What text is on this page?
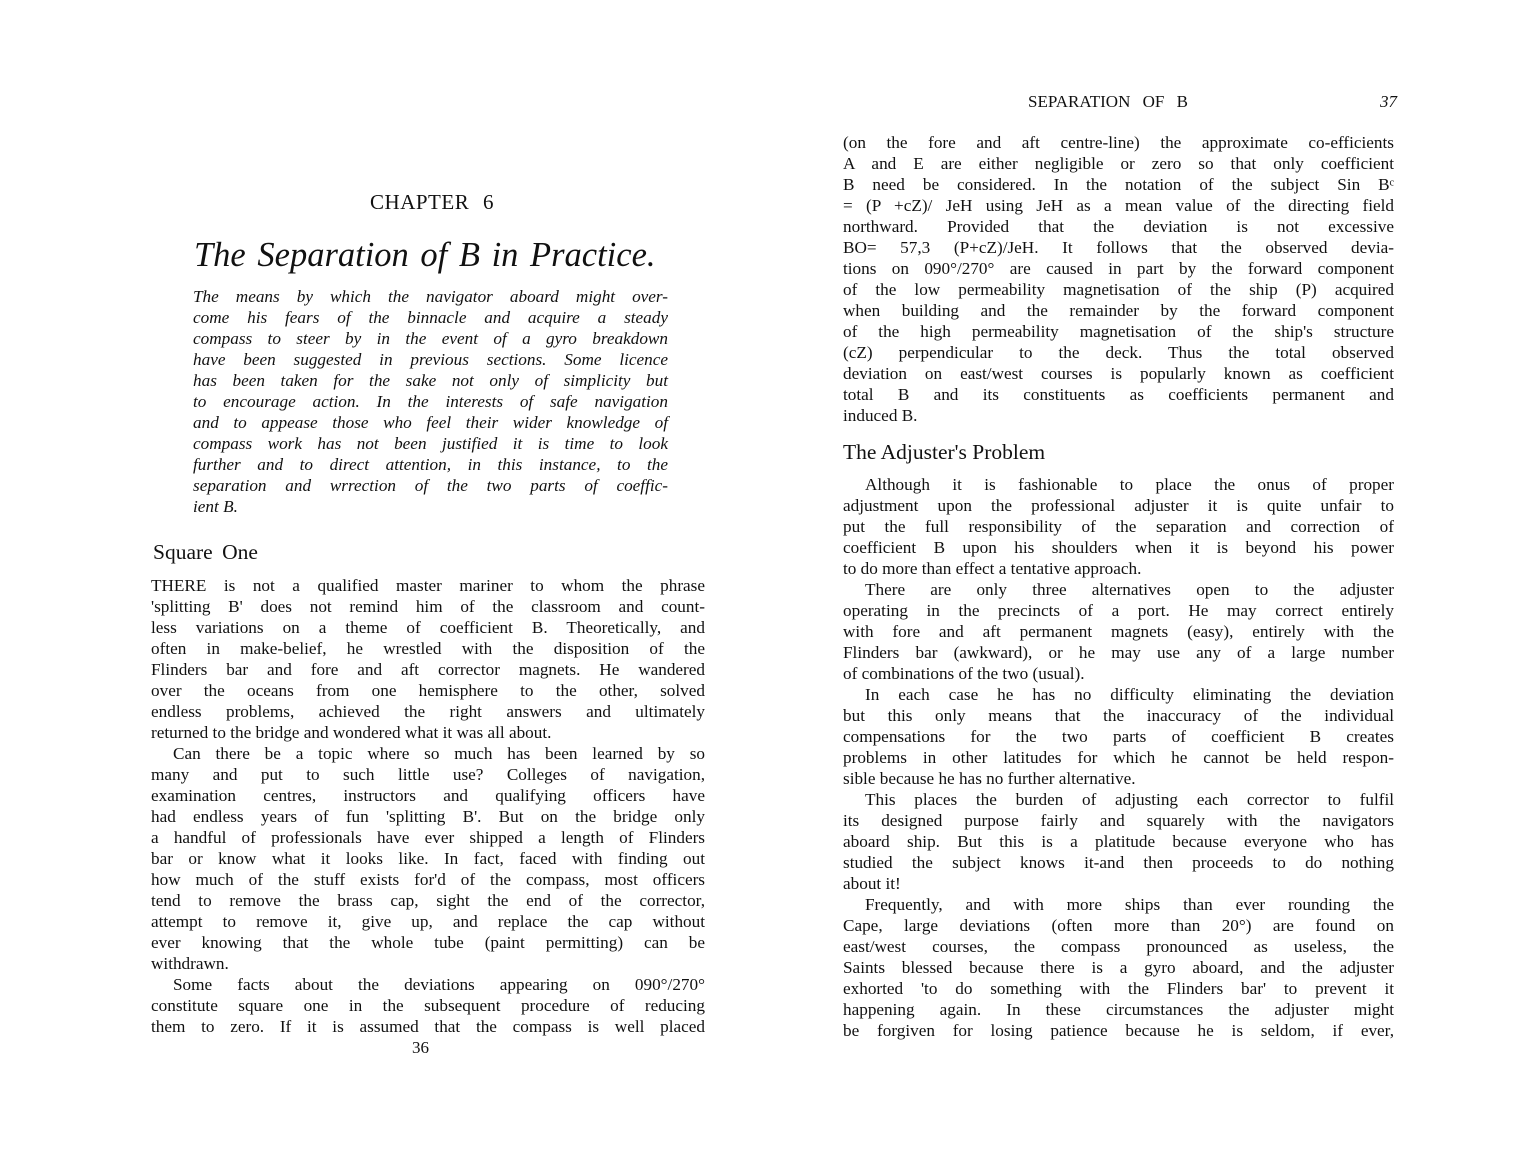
CHAPTER 6
The Separation of B in Practice.
The means by which the navigator aboard might over-
come his fears of the binnacle and acquire a steady
compass to steer by in the event of a gyro breakdown
have been suggested in previous sections. Some licence
has been taken for the sake not only of simplicity but
to encourage action. In the interests of safe navigation
and to appease those who feel their wider knowledge of
compass work has not been justified it is time to look
further and to direct attention, in this instance, to the
separation and wrrection of the two parts of coeffic-
ient B.
Square One
THERE is not a qualified master mariner to whom the phrase
'splitting B' does not remind him of the classroom and count-
less variations on a theme of coefficient B. Theoretically, and
often in make-belief, he wrestled with the disposition of the
Flinders bar and fore and aft corrector magnets. He wandered
over the oceans from one hemisphere to the other, solved
endless problems, achieved the right answers and ultimately
returned to the bridge and wondered what it was all about.
Can there be a topic where so much has been learned by so
many and put to such little use? Colleges of navigation,
examination centres, instructors and qualifying officers have
had endless years of fun 'splitting B'. But on the bridge only
a handful of professionals have ever shipped a length of Flinders
bar or know what it looks like. In fact, faced with finding out
how much of the stuff exists for'd of the compass, most officers
tend to remove the brass cap, sight the end of the corrector,
attempt to remove it, give up, and replace the cap without
ever knowing that the whole tube (paint permitting) can be
withdrawn.
Some facts about the deviations appearing on 090°/270°
constitute square one in the subsequent procedure of reducing
them to zero. If it is assumed that the compass is well placed
36
SEPARATION OF B	37
(on the fore and aft centre-line) the approximate co-efficients
A and E are either negligible or zero so that only coefficient
B need be considered. In the notation of the subject Sin Bᶜ
= (P +cZ)/ JeH using JeH as a mean value of the directing field
northward. Provided that the deviation is not excessive
BO= 57,3 (P+cZ)/JeH. It follows that the observed devia-
tions on 090°/270° are caused in part by the forward component
of the low permeability magnetisation of the ship (P) acquired
when building and the remainder by the forward component
of the high permeability magnetisation of the ship's structure
(cZ) perpendicular to the deck. Thus the total observed
deviation on east/west courses is popularly known as coefficient
total B and its constituents as coefficients permanent and
induced B.
The Adjuster's Problem
Although it is fashionable to place the onus of proper
adjustment upon the professional adjuster it is quite unfair to
put the full responsibility of the separation and correction of
coefficient B upon his shoulders when it is beyond his power
to do more than effect a tentative approach.
There are only three alternatives open to the adjuster
operating in the precincts of a port. He may correct entirely
with fore and aft permanent magnets (easy), entirely with the
Flinders bar (awkward), or he may use any of a large number
of combinations of the two (usual).
In each case he has no difficulty eliminating the deviation
but this only means that the inaccuracy of the individual
compensations for the two parts of coefficient B creates
problems in other latitudes for which he cannot be held respon-
sible because he has no further alternative.
This places the burden of adjusting each corrector to fulfil
its designed purpose fairly and squarely with the navigators
aboard ship. But this is a platitude because everyone who has
studied the subject knows it-and then proceeds to do nothing
about it!
Frequently, and with more ships than ever rounding the
Cape, large deviations (often more than 20°) are found on
east/west courses, the compass pronounced as useless, the
Saints blessed because there is a gyro aboard, and the adjuster
exhorted 'to do something with the Flinders bar' to prevent it
happening again. In these circumstances the adjuster might
be forgiven for losing patience because he is seldom, if ever,
